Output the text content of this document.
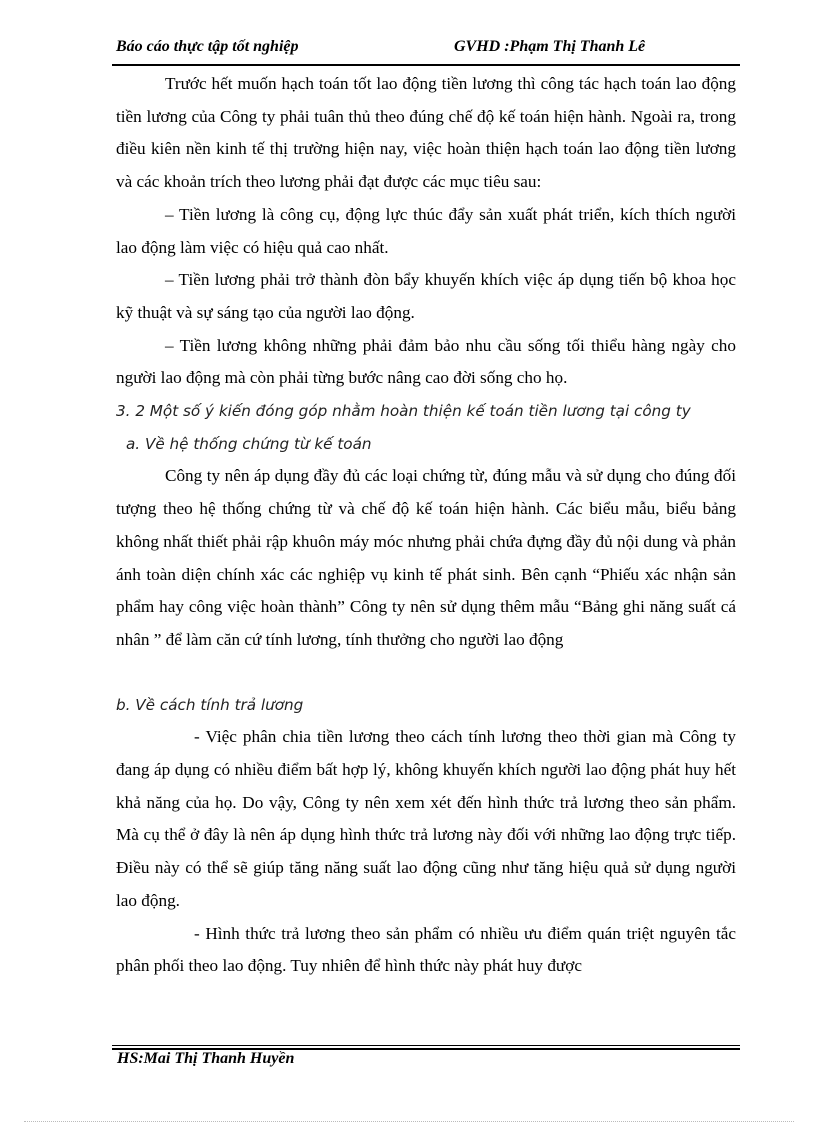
Báo cáo thực tập tốt nghiệp	GVHD :Phạm Thị Thanh Lê

Trước hết muốn hạch toán tốt lao động tiền lương thì công tác hạch toán lao động tiền lương của Công ty phải tuân thủ theo đúng chế độ kế toán hiện hành. Ngoài ra, trong điều kiên nền kinh tế thị trường hiện nay, việc hoàn thiện hạch toán lao động tiền lương và các khoản trích theo lương phải đạt được các mục tiêu sau:

– Tiền lương là công cụ, động lực thúc đẩy sản xuất phát triển, kích thích người lao động làm việc có hiệu quả cao nhất.

– Tiền lương phải trở thành đòn bẩy khuyến khích việc áp dụng tiến bộ khoa học kỹ thuật và sự sáng tạo của người lao động.

– Tiền lương không những phải đảm bảo nhu cầu sống tối thiểu hàng ngày cho người lao động mà còn phải từng bước nâng cao đời sống cho họ.

3. 2 Một số ý kiến đóng góp nhằm hoàn thiện kế toán tiền lương tại công ty

a. Về hệ thống chứng từ kế toán

Công ty nên áp dụng đầy đủ các loại chứng từ, đúng mẫu và sử dụng cho đúng đối tượng theo hệ thống chứng từ và chế độ kế toán hiện hành. Các biểu mẫu, biểu bảng không nhất thiết phải rập khuôn máy móc nhưng phải chứa đựng đầy đủ nội dung và phản ánh toàn diện chính xác các nghiệp vụ kinh tế phát sinh. Bên cạnh “Phiếu xác nhận sản phẩm hay công việc hoàn thành” Công ty nên sử dụng thêm mẫu “Bảng ghi năng suất cá nhân ” để làm căn cứ tính lương, tính thưởng cho người lao động

b. Về cách tính trả lương

- Việc phân chia tiền lương theo cách tính lương theo thời gian mà Công ty đang áp dụng có nhiều điểm bất hợp lý, không khuyến khích người lao động phát huy hết khả năng của họ. Do vậy, Công ty nên xem xét đến hình thức trả lương theo sản phẩm. Mà cụ thể ở đây là nên áp dụng hình thức trả lương này đối với những lao động trực tiếp. Điều này có thể sẽ giúp tăng năng suất lao động cũng như tăng hiệu quả sử dụng người lao động.

- Hình thức trả lương theo sản phẩm có nhiều ưu điểm quán triệt nguyên tắc phân phối theo lao động. Tuy nhiên để hình thức này phát huy được

HS:Mai Thị Thanh Huyền
